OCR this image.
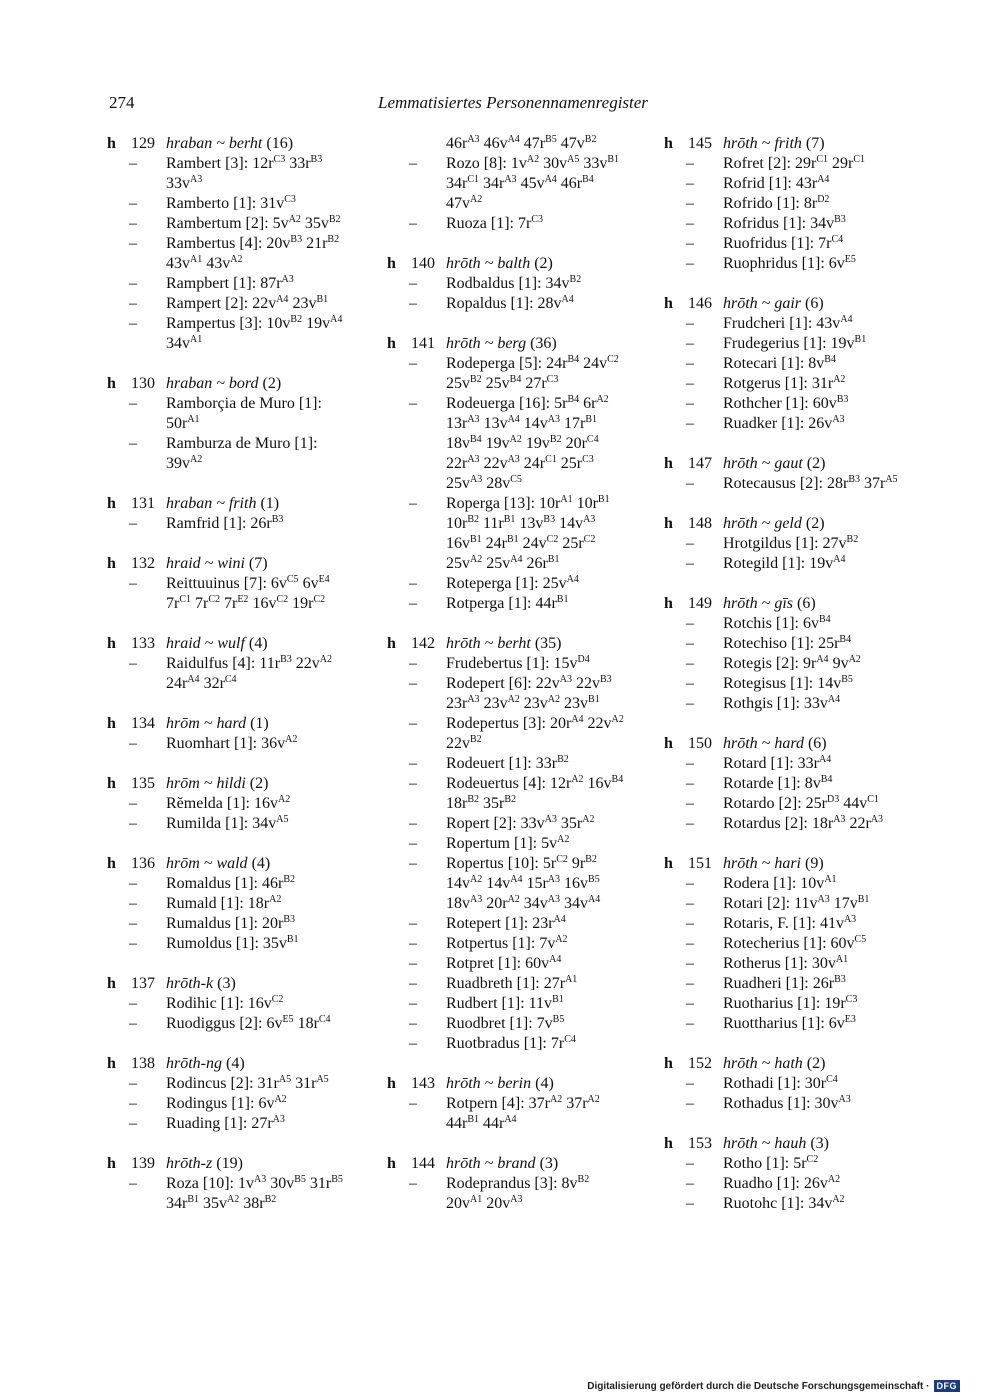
274	Lemmatisiertes Personennamenregister
h 129 hraban ~ berht (16)
–	Rambert [3]: $12r^{C3}$ $33r^{B3}$ $33v^{A3}$
–	Ramberto [1]: $31v^{C3}$
–	Rambertum [2]: $5v^{A2}$ $35v^{B2}$
–	Rambertus [4]: $20v^{B3}$ $21r^{B2}$ $43v^{A1}$ $43v^{A2}$
–	Rampbert [1]: $87r^{A3}$
–	Rampert [2]: $22v^{A4}$ $23v^{B1}$
–	Rampertus [3]: $10v^{B2}$ $19v^{A4}$ $34v^{A1}$
h 130 hraban ~ bord (2)
–	Ramborçia de Muro [1]: $50r^{A1}$
–	Ramburza de Muro [1]: $39v^{A2}$
h 131 hraban ~ frith (1)
–	Ramfrid [1]: $26r^{B3}$
h 132 hraid ~ wini (7)
–	Reittuuinus [7]: $6v^{C5}$ $6v^{E4}$ $7r^{C1}$ $7r^{C2}$ $7r^{E2}$ $16v^{C2}$ $19r^{C2}$
h 133 hraid ~ wulf (4)
–	Raidulfus [4]: $11r^{B3}$ $22v^{A2}$ $24r^{A4}$ $32r^{C4}$
h 134 hrōm ~ hard (1)
–	Ruomhart [1]: $36v^{A2}$
h 135 hrōm ~ hildi (2)
–	Rĕmelda [1]: $16v^{A2}$
–	Rumilda [1]: $34v^{A5}$
h 136 hrōm ~ wald (4)
–	Romaldus [1]: $46r^{B2}$
–	Rumald [1]: $18r^{A2}$
–	Rumaldus [1]: $20r^{B3}$
–	Rumoldus [1]: $35v^{B1}$
h 137 hrōth-k (3)
–	Rodihic [1]: $16v^{C2}$
–	Ruodiggus [2]: $6v^{E5}$ $18r^{C4}$
h 138 hrōth-ng (4)
–	Rodincus [2]: $31r^{A5}$ $31r^{A5}$
–	Rodingus [1]: $6v^{A2}$
–	Ruading [1]: $27r^{A3}$
h 139 hrōth-z (19)
–	Roza [10]: $1v^{A3}$ $30v^{B5}$ $31r^{B5}$ $34r^{B1}$ $35v^{A2}$ $38r^{B2}$
$46r^{A3}$ $46v^{A4}$ $47r^{B5}$ $47v^{B2}$
–	Rozo [8]: $1v^{A2}$ $30v^{A5}$ $33v^{B1}$ $34r^{C1}$ $34r^{A3}$ $45v^{A4}$ $46r^{B4}$ $47v^{A2}$
–	Ruoza [1]: $7r^{C3}$
h 140 hrōth ~ balth (2)
–	Rodbaldus [1]: $34v^{B2}$
–	Ropaldus [1]: $28v^{A4}$
h 141 hrōth ~ berg (36)
–	Rodeperga [5]: $24r^{B4}$ $24v^{C2}$ $25v^{B2}$ $25v^{B4}$ $27r^{C3}$
–	Rodeuerga [16]: $5r^{B4}$ $6r^{A2}$ $13r^{A3}$ $13v^{A4}$ $14v^{A3}$ $17r^{B1}$ $18v^{B4}$ $19v^{A2}$ $19v^{B2}$ $20r^{C4}$ $22r^{A3}$ $22v^{A3}$ $24r^{C1}$ $25r^{C3}$ $25v^{A3}$ $28v^{C5}$
–	Roperga [13]: $10r^{A1}$ $10r^{B1}$ $10r^{B2}$ $11r^{B1}$ $13v^{B3}$ $14v^{A3}$ $16v^{B1}$ $24r^{B1}$ $24v^{C2}$ $25r^{C2}$ $25v^{A2}$ $25v^{A4}$ $26r^{B1}$
–	Roteperga [1]: $25v^{A4}$
–	Rotperga [1]: $44r^{B1}$
h 142 hrōth ~ berht (35)
–	Frudebertus [1]: $15v^{D4}$
–	Rodepert [6]: $22v^{A3}$ $22v^{B3}$ $23r^{A3}$ $23v^{A2}$ $23v^{A2}$ $23v^{B1}$
–	Rodepertus [3]: $20r^{A4}$ $22v^{A2}$ $22v^{B2}$
–	Rodeuert [1]: $33r^{B2}$
–	Rodeuertus [4]: $12r^{A2}$ $16v^{B4}$ $18r^{B2}$ $35r^{B2}$
–	Ropert [2]: $33v^{A3}$ $35r^{A2}$
–	Ropertum [1]: $5v^{A2}$
–	Ropertus [10]: $5r^{C2}$ $9r^{B2}$ $14v^{A2}$ $14v^{A4}$ $15r^{A3}$ $16v^{B5}$ $18v^{A3}$ $20r^{A2}$ $34v^{A3}$ $34v^{A4}$
–	Rotepert [1]: $23r^{A4}$
–	Rotpertus [1]: $7v^{A2}$
–	Rotpret [1]: $60v^{A4}$
–	Ruadbreth [1]: $27r^{A1}$
–	Rudbert [1]: $11v^{B1}$
–	Ruodbret [1]: $7v^{B5}$
–	Ruotbradus [1]: $7r^{C4}$
h 143 hrōth ~ berin (4)
–	Rotpern [4]: $37r^{A2}$ $37r^{A2}$ $44r^{B1}$ $44r^{A4}$
h 144 hrōth ~ brand (3)
–	Rodeprandus [3]: $8v^{B2}$ $20v^{A1}$ $20v^{A3}$
h 145 hrōth ~ frith (7)
–	Rofret [2]: $29r^{C1}$ $29r^{C1}$
–	Rofrid [1]: $43r^{A4}$
–	Rofrido [1]: $8r^{D2}$
–	Rofridus [1]: $34v^{B3}$
–	Ruofridus [1]: $7r^{C4}$
–	Ruophridus [1]: $6v^{E5}$
h 146 hrōth ~ gair (6)
–	Frudcheri [1]: $43v^{A4}$
–	Frudegerius [1]: $19v^{B1}$
–	Rotecari [1]: $8v^{B4}$
–	Rotgerus [1]: $31r^{A2}$
–	Rothcher [1]: $60v^{B3}$
–	Ruadker [1]: $26v^{A3}$
h 147 hrōth ~ gaut (2)
–	Rotecausus [2]: $28r^{B3}$ $37r^{A5}$
h 148 hrōth ~ geld (2)
–	Hrotgildus [1]: $27v^{B2}$
–	Rotegild [1]: $19v^{A4}$
h 149 hrōth ~ gīs (6)
–	Rotchis [1]: $6v^{B4}$
–	Rotechiso [1]: $25r^{B4}$
–	Rotegis [2]: $9r^{A4}$ $9v^{A2}$
–	Rotegisus [1]: $14v^{B5}$
–	Rothgis [1]: $33v^{A4}$
h 150 hrōth ~ hard (6)
–	Rotard [1]: $33r^{A4}$
–	Rotarde [1]: $8v^{B4}$
–	Rotardo [2]: $25r^{D3}$ $44v^{C1}$
–	Rotardus [2]: $18r^{A3}$ $22r^{A3}$
h 151 hrōth ~ hari (9)
–	Rodera [1]: $10v^{A1}$
–	Rotari [2]: $11v^{A3}$ $17v^{B1}$
–	Rotaris, F. [1]: $41v^{A3}$
–	Rotecherius [1]: $60v^{C5}$
–	Rotherus [1]: $30v^{A1}$
–	Ruadheri [1]: $26r^{B3}$
–	Ruotharius [1]: $19r^{C3}$
–	Ruottharius [1]: $6v^{E3}$
h 152 hrōth ~ hath (2)
–	Rothadi [1]: $30r^{C4}$
–	Rothadus [1]: $30v^{A3}$
h 153 hrōth ~ hauh (3)
–	Rotho [1]: $5r^{C2}$
–	Ruadho [1]: $26v^{A2}$
–	Ruotohc [1]: $34v^{A2}$
Digitalisierung gefördert durch die Deutsche Forschungsgemeinschaft · DFG
